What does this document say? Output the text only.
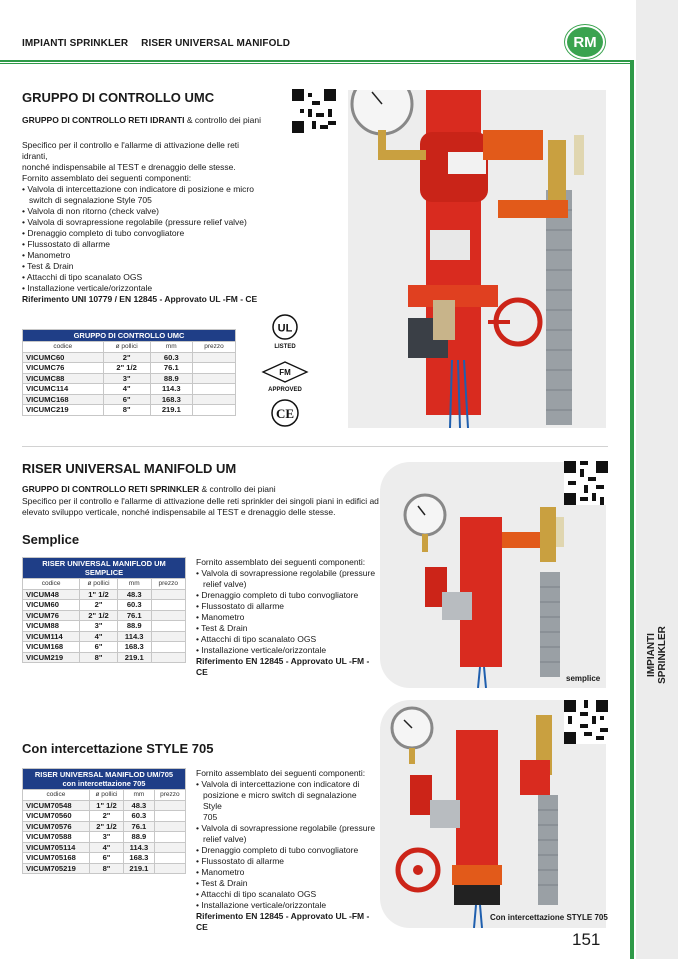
IMPIANTI SPRINKLER RISER UNIVERSAL MANIFOLD	RM
IMPIANTI
SPRINKLER
GRUPPO DI CONTROLLO UMC
GRUPPO DI CONTROLLO RETI IDRANTI & controllo dei piani
Specifico per il controllo e l'allarme di attivazione delle reti idranti,
nonché indispensabile al TEST e drenaggio delle stesse.
Fornito assemblato dei seguenti componenti:
• Valvola di intercettazione con indicatore di posizione e micro
switch di segnalazione Style 705
• Valvola di non ritorno (check valve)
• Valvola di sovrapressione regolabile (pressure relief valve)
• Drenaggio completo di tubo convogliatore
• Flussostato di allarme
• Manometro
• Test & Drain
• Attacchi di tipo scanalato OGS
• Installazione verticale/orizzontale
Riferimento UNI 10779 / EN 12845 - Approvato UL -FM - CE
GRUPPO DI CONTROLLO UMC			
codice	ø pollici	mm	prezzo
VICUMC60	2"	60.3	
VICUMC76	2" 1/2	76.1	
VICUMC88	3"	88.9	
VICUMC114	4"	114.3	
VICUMC168	6"	168.3	
VICUMC219	8"	219.1	
UL
LISTED
FM
APPROVED
CE
RISER UNIVERSAL MANIFOLD UM
GRUPPO DI CONTROLLO RETI SPRINKLER & controllo dei piani
Specifico per il controllo e l'allarme di attivazione delle reti sprinkler dei singoli piani in edifici ad
elevato sviluppo verticale, nonché indispensabile al TEST e drenaggio delle stesse.
Semplice
RISER UNIVERSAL MANIFLOD UM
SEMPLICE			

codice	ø pollici	mm	prezzo
VICUM48	1" 1/2	48.3	
VICUM60	2"	60.3	
VICUM76	2" 1/2	76.1	
VICUM88	3"	88.9	
VICUM114	4"	114.3	
VICUM168	6"	168.3	
VICUM219	8"	219.1	
Fornito assemblato dei seguenti componenti:
• Valvola di sovrapressione regolabile (pressure
relief valve)
• Drenaggio completo di tubo convogliatore
• Flussostato di allarme
• Manometro
• Test & Drain
• Attacchi di tipo scanalato OGS
• Installazione verticale/orizzontale
Riferimento EN 12845 - Approvato UL -FM - CE
semplice
Con intercettazione STYLE 705
RISER UNIVERSAL MANIFLOD UM/705
con intercettazione 705			

codice	ø pollici	mm	prezzo
VICUM70548	1" 1/2	48.3	
VICUM70560	2"	60.3	
VICUM70576	2" 1/2	76.1	
VICUM70588	3"	88.9	
VICUM705114	4"	114.3	
VICUM705168	6"	168.3	
VICUM705219	8"	219.1	
Fornito assemblato dei seguenti componenti:
• Valvola di intercettazione con indicatore di
posizione e micro switch di segnalazione Style
705
• Valvola di sovrapressione regolabile (pressure
relief valve)
• Drenaggio completo di tubo convogliatore
• Flussostato di allarme
• Manometro
• Test & Drain
• Attacchi di tipo scanalato OGS
• Installazione verticale/orizzontale
Riferimento EN 12845 - Approvato UL -FM - CE
Con intercettazione STYLE 705
151
